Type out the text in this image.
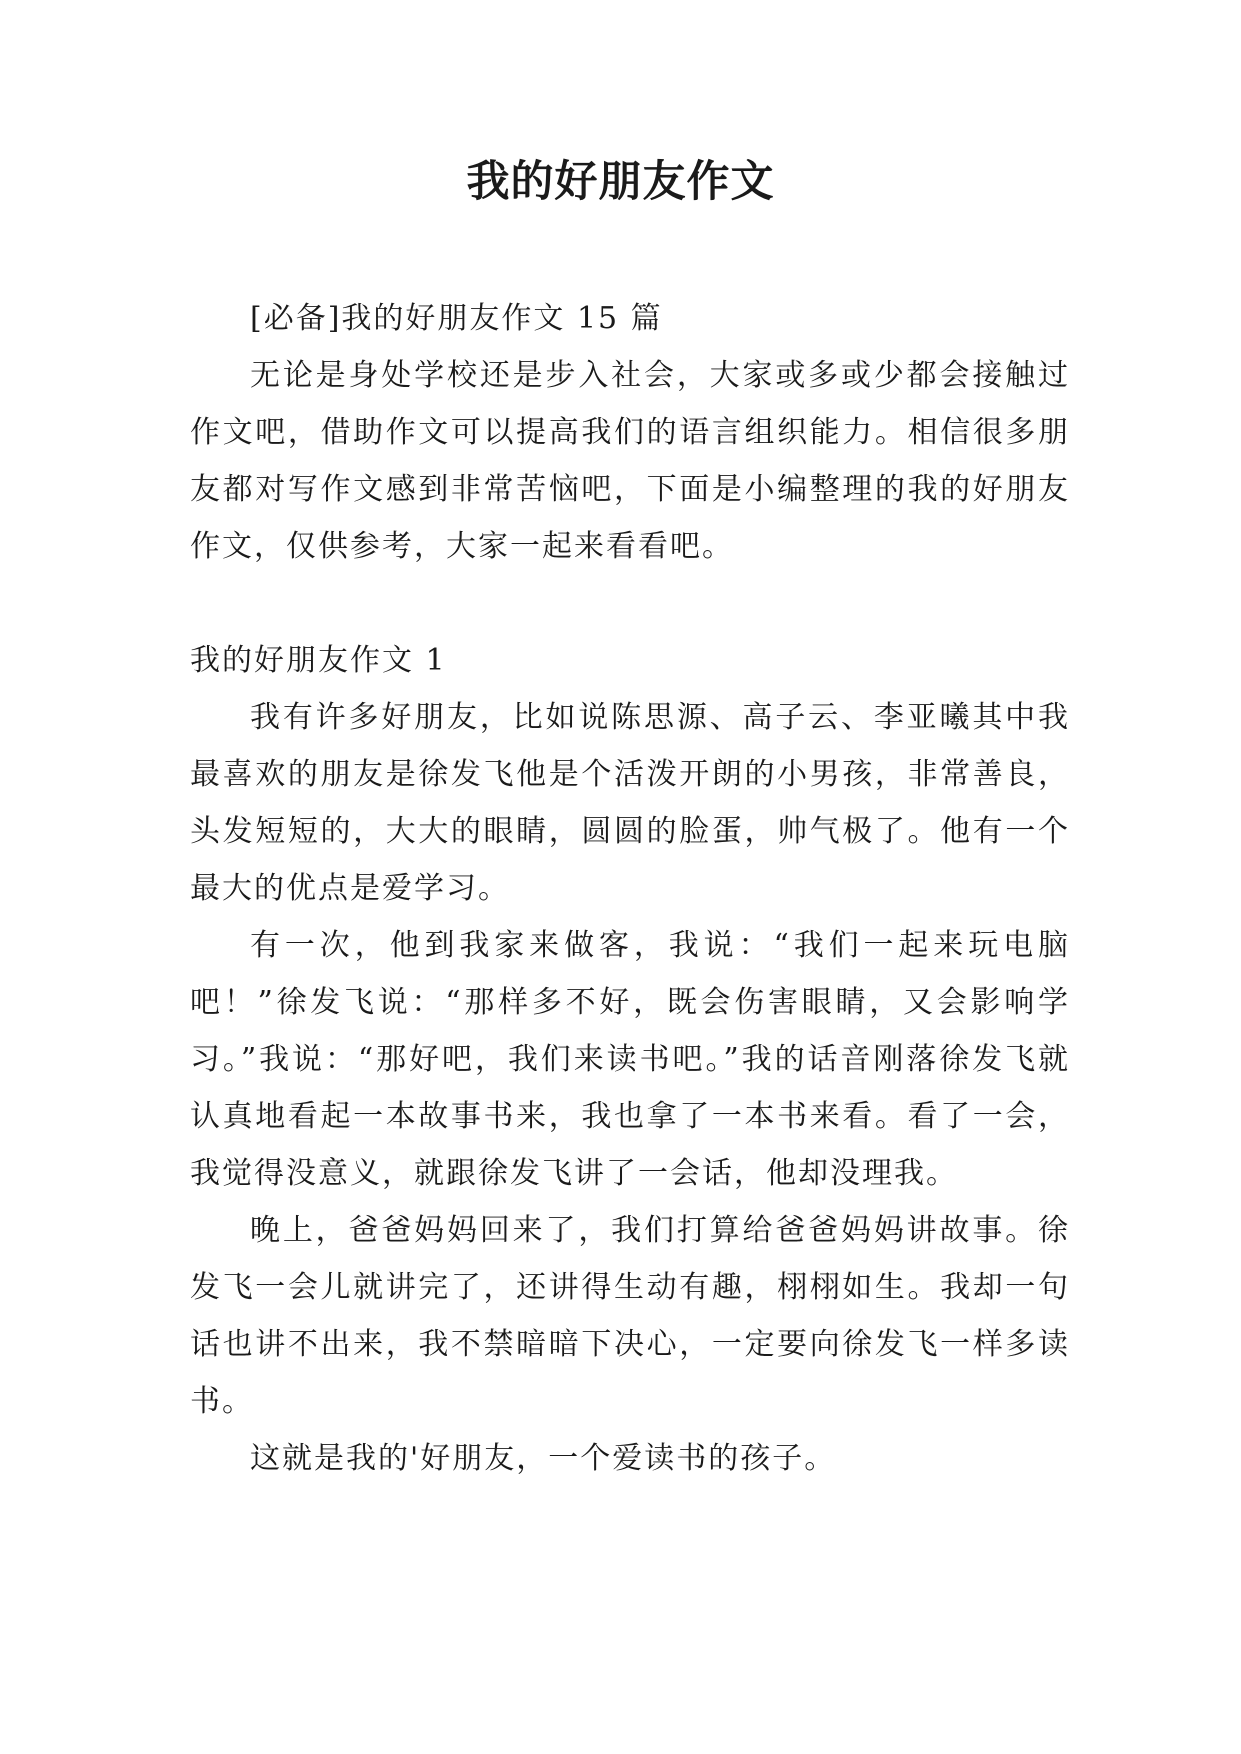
我的好朋友作文

[必备]我的好朋友作文 15 篇

无论是身处学校还是步入社会，大家或多或少都会接触过作文吧，借助作文可以提高我们的语言组织能力。相信很多朋友都对写作文感到非常苦恼吧，下面是小编整理的我的好朋友作文，仅供参考，大家一起来看看吧。

我的好朋友作文 1

我有许多好朋友，比如说陈思源、高子云、李亚曦其中我最喜欢的朋友是徐发飞他是个活泼开朗的小男孩，非常善良，头发短短的，大大的眼睛，圆圆的脸蛋，帅气极了。他有一个最大的优点是爱学习。

有一次，他到我家来做客，我说：“我们一起来玩电脑吧！”徐发飞说：“那样多不好，既会伤害眼睛，又会影响学习。”我说：“那好吧，我们来读书吧。”我的话音刚落徐发飞就认真地看起一本故事书来，我也拿了一本书来看。看了一会，我觉得没意义，就跟徐发飞讲了一会话，他却没理我。

晚上，爸爸妈妈回来了，我们打算给爸爸妈妈讲故事。徐发飞一会儿就讲完了，还讲得生动有趣，栩栩如生。我却一句话也讲不出来，我不禁暗暗下决心，一定要向徐发飞一样多读书。

这就是我的'好朋友，一个爱读书的孩子。
